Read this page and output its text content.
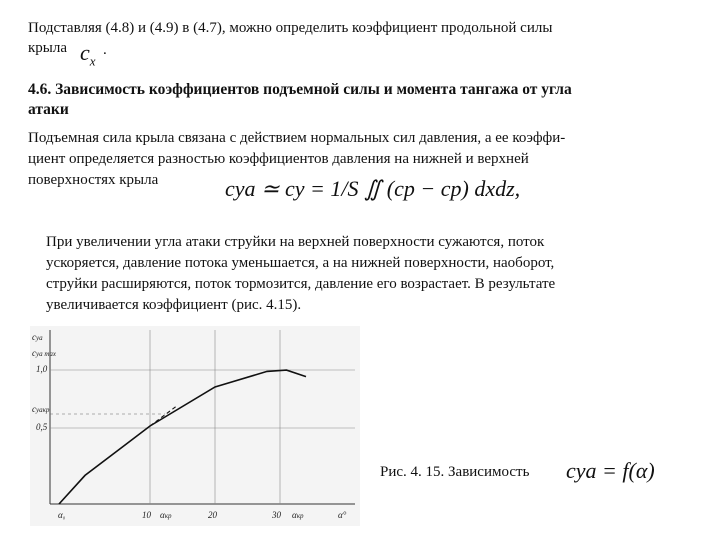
Подставляя (4.8) и (4.9) в (4.7), можно определить коэффициент продольной силы
крыла $c_x$
.
4.6. Зависимость коэффициентов подъемной силы и момента тангажа от угла
атаки
Подъемная сила крыла связана с действием нормальных сил давления, а ее коэффи-
циент определяется разностью коэффициентов давления на нижней и верхней
поверхностях крыла	cya ≃ cy = 1/S ∬ (cp − cp) dxdz,
При увеличении угла атаки струйки на верхней поверхности сужаются, поток
ускоряется, давление потока уменьшается, а на нижней поверхности, наоборот,
струйки расширяются, поток тормозится, давление его возрастает. В результате
увеличивается коэффициент (рис. 4.15).
cya
cya max
1,0
cуакр
0,5
α₀	10 αкр	20	30 αкр	α°
Рис. 4. 15. Зависимость cya = f(α)
